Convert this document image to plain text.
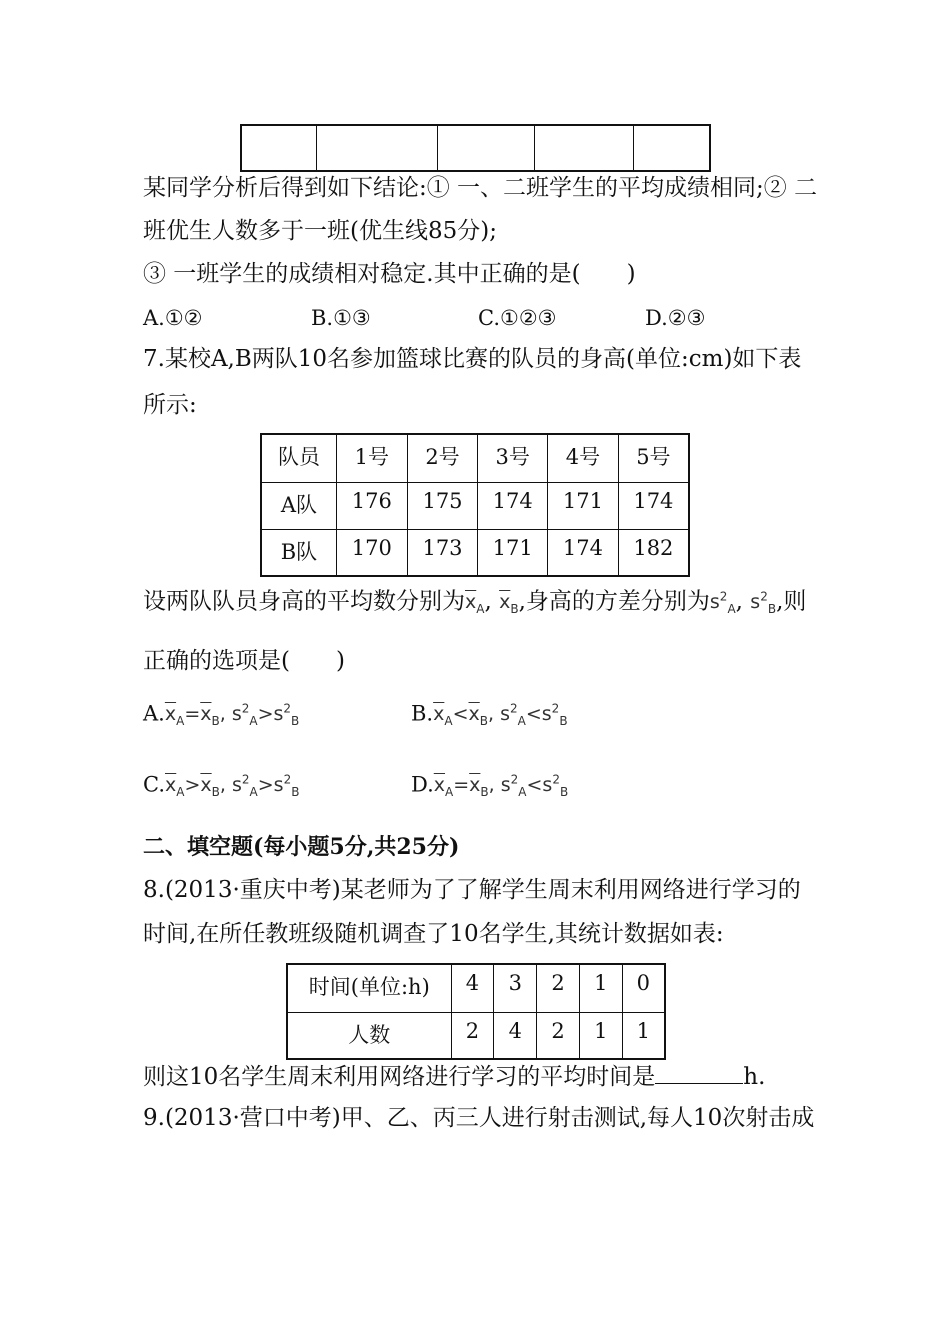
某同学分析后得到如下结论:① 一、二班学生的平均成绩相同;② 二
班优生人数多于一班(优生线85分);
③ 一班学生的成绩相对稳定.其中正确的是(　　)
A.①②	B.①③	C.①②③	D.②③
7.某校A,B两队10名参加篮球比赛的队员的身高(单位:cm)如下表
所示:
队员	1号	2号	3号	4号	5号
A队	176	175	174	171	174
B队	170	173	171	174	182
设两队队员身高的平均数分别为$\overline{x}_A$, $\overline{x}_B$,身高的方差分别为$s^2_A$, $s^2_B$,则
正确的选项是(　　)
$A.\overline{x}_A=\overline{x}_B$, $s^2_A>s^2_B$	$B.\overline{x}_A<\overline{x}_B$, $s^2_A<s^2_B$
$C.\overline{x}_A>\overline{x}_B$, $s^2_A>s^2_B$	$D.\overline{x}_A=\overline{x}_B$, $s^2_A<s^2_B$
二、填空题(每小题5分,共25分)
8.(2013·重庆中考)某老师为了了解学生周末利用网络进行学习的
时间,在所任教班级随机调查了10名学生,其统计数据如表:
时间(单位:h)	4	3	2	1	0
人数	2	4	2	1	1
则这10名学生周末利用网络进行学习的平均时间是	h.
9.(2013·营口中考)甲、乙、丙三人进行射击测试,每人10次射击成
